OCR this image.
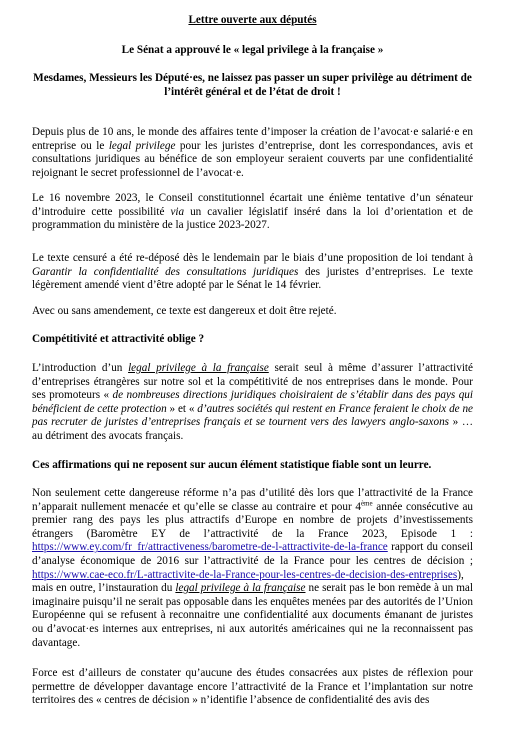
Lettre ouverte aux députés

Le Sénat a approuvé le « legal privilege à la française »

Mesdames, Messieurs les Député·es, ne laissez pas passer un super privilège au détriment de l’intérêt général et de l’état de droit !

Depuis plus de 10 ans, le monde des affaires tente d’imposer la création de l’avocat·e salarié·e en entreprise ou le legal privilege pour les juristes d’entreprise, dont les correspondances, avis et consultations juridiques au bénéfice de son employeur seraient couverts par une confidentialité rejoignant le secret professionnel de l’avocat·e.

Le 16 novembre 2023, le Conseil constitutionnel écartait une énième tentative d’un sénateur d’introduire cette possibilité via un cavalier législatif inséré dans la loi d’orientation et de programmation du ministère de la justice 2023-2027.

Le texte censuré a été re-déposé dès le lendemain par le biais d’une proposition de loi tendant à Garantir la confidentialité des consultations juridiques des juristes d’entreprises. Le texte légèrement amendé vient d’être adopté par le Sénat le 14 février.

Avec ou sans amendement, ce texte est dangereux et doit être rejeté.

Compétitivité et attractivité oblige ?

L’introduction d’un legal privilege à la française serait seul à même d’assurer l’attractivité d’entreprises étrangères sur notre sol et la compétitivité de nos entreprises dans le monde. Pour ses promoteurs « de nombreuses directions juridiques choisiraient de s’établir dans des pays qui bénéficient de cette protection » et « d’autres sociétés qui restent en France feraient le choix de ne pas recruter de juristes d’entreprises français et se tournent vers des lawyers anglo-saxons » … au détriment des avocats français.

Ces affirmations qui ne reposent sur aucun élément statistique fiable sont un leurre.

Non seulement cette dangereuse réforme n’a pas d’utilité dès lors que l’attractivité de la France n’apparait nullement menacée et qu’elle se classe au contraire et pour 4ème année consécutive au premier rang des pays les plus attractifs d’Europe en nombre de projets d’investissements étrangers (Baromètre EY de l’attractivité de la France 2023, Episode 1 : https://www.ey.com/fr_fr/attractiveness/barometre-de-l-attractivite-de-la-france rapport du conseil d’analyse économique de 2016 sur l’attractivité de la France pour les centres de décision ; https://www.cae-eco.fr/L-attractivite-de-la-France-pour-les-centres-de-decision-des-entreprises), mais en outre, l’instauration du legal privilege à la française ne serait pas le bon remède à un mal imaginaire puisqu’il ne serait pas opposable dans les enquêtes menées par des autorités de l’Union Européenne qui se refusent à reconnaitre une confidentialité aux documents émanant de juristes ou d’avocat·es internes aux entreprises, ni aux autorités américaines qui ne la reconnaissent pas davantage.

Force est d’ailleurs de constater qu’aucune des études consacrées aux pistes de réflexion pour permettre de développer davantage encore l’attractivité de la France et l’implantation sur notre territoires des « centres de décision » n’identifie l’absence de confidentialité des avis des
